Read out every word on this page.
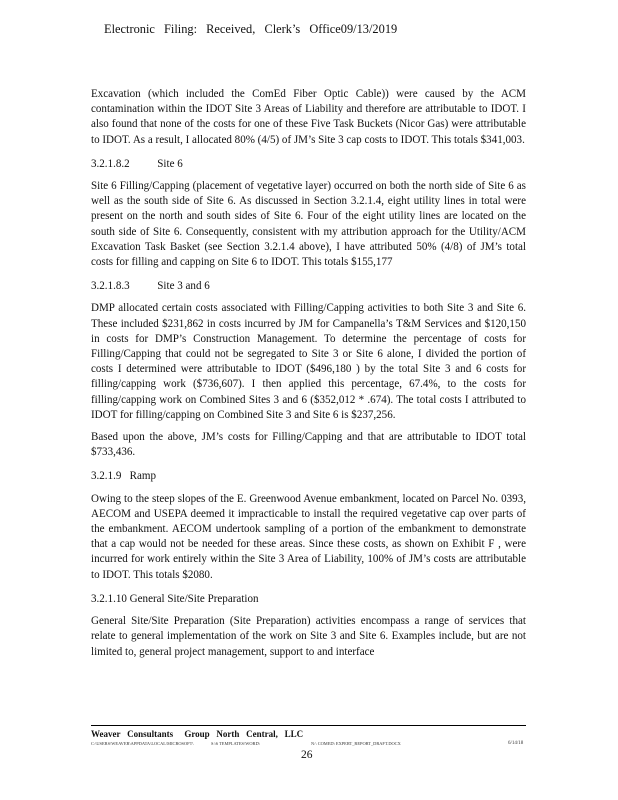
Electronic Filing: Received, Clerk’s Office09/13/2019

Excavation (which included the ComEd Fiber Optic Cable)) were caused by the ACM contamination within the IDOT Site 3 Areas of Liability and therefore are attributable to IDOT. I also found that none of the costs for one of these Five Task Buckets (Nicor Gas) were attributable to IDOT. As a result, I allocated 80% (4/5) of JM’s Site 3 cap costs to IDOT. This totals $341,003.

3.2.1.8.2          Site 6

Site 6 Filling/Capping (placement of vegetative layer) occurred on both the north side of Site 6 as well as the south side of Site 6. As discussed in Section 3.2.1.4, eight utility lines in total were present on the north and south sides of Site 6. Four of the eight utility lines are located on the south side of Site 6. Consequently, consistent with my attribution approach for the Utility/ACM Excavation Task Basket (see Section 3.2.1.4 above), I have attributed 50% (4/8) of JM’s total costs for filling and capping on Site 6 to IDOT. This totals $155,177

3.2.1.8.3          Site 3 and 6

DMP allocated certain costs associated with Filling/Capping activities to both Site 3 and Site 6. These included $231,862 in costs incurred by JM for Campanella’s T&M Services and $120,150 in costs for DMP’s Construction Management. To determine the percentage of costs for Filling/Capping that could not be segregated to Site 3 or Site 6 alone, I divided the portion of costs I determined were attributable to IDOT ($496,180 ) by the total Site 3 and 6 costs for filling/capping work ($736,607). I then applied this percentage, 67.4%, to the costs for filling/capping work on Combined Sites 3 and 6 ($352,012 * .674). The total costs I attributed to IDOT for filling/capping on Combined Site 3 and Site 6 is $237,256.

Based upon the above, JM’s costs for Filling/Capping and that are attributable to IDOT total $733,436.

3.2.1.9   Ramp

Owing to the steep slopes of the E. Greenwood Avenue embankment, located on Parcel No. 0393, AECOM and USEPA deemed it impracticable to install the required vegetative cap over parts of the embankment. AECOM undertook sampling of a portion of the embankment to demonstrate that a cap would not be needed for these areas. Since these costs, as shown on Exhibit F , were incurred for work entirely within the Site 3 Area of Liability, 100% of JM’s costs are attributable to IDOT. This totals $2080.

3.2.1.10 General Site/Site Preparation

General Site/Site Preparation (Site Preparation) activities encompass a range of services that relate to general implementation of the work on Site 3 and Site 6. Examples include, but are not limited to, general project management, support to and interface

Weaver   Consultants     Group   North   Central,   LLC
C:\USERS\WEAVER\APPDATA\LOCAL\MICROSOFT\	S:\6 TEMPLATES\WORD\	N:\ COMED\ EXPERT_REPORT_DRAFT.DOCX	6/14/18
26
